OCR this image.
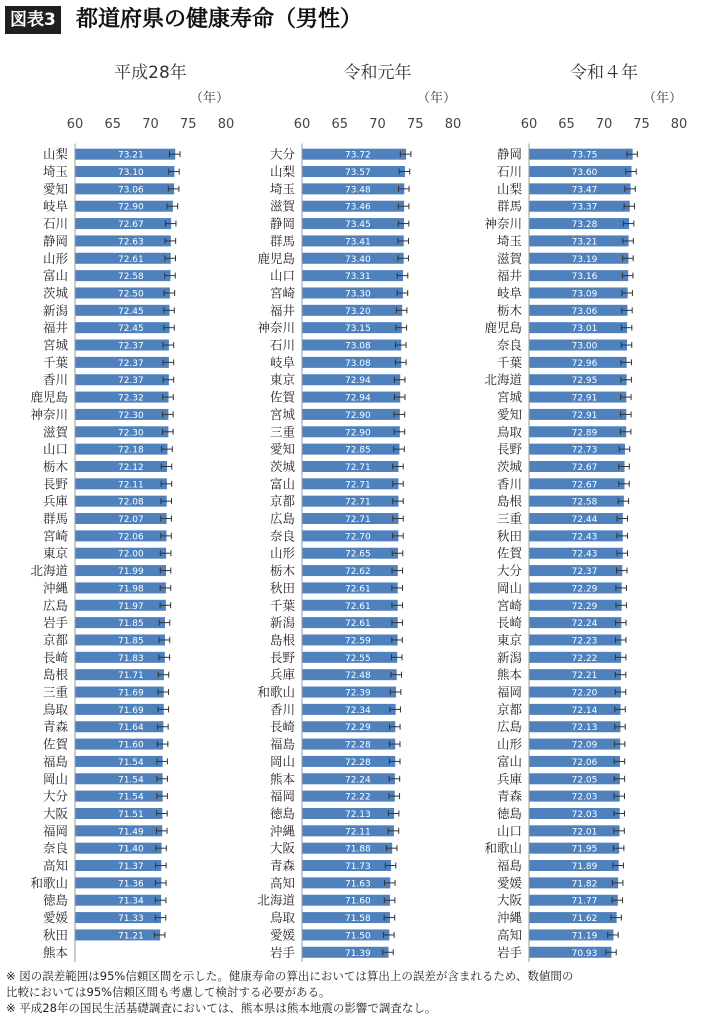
図表3 都道府県の健康寿命（男性）
平成28年
（年）
60 65 70 75 80
山梨	73.21
埼玉	73.10
愛知	73.06
岐阜	72.90
石川	72.67
静岡	72.63
山形	72.61
富山	72.58
茨城	72.50
新潟	72.45
福井	72.45
宮城	72.37
千葉	72.37
香川	72.37
鹿児島	72.32
神奈川	72.30
滋賀	72.30
山口	72.18
栃木	72.12
長野	72.11
兵庫	72.08
群馬	72.07
宮崎	72.06
東京	72.00
北海道	71.99
沖縄	71.98
広島	71.97
岩手	71.85
京都	71.85
長崎	71.83
島根	71.71
三重	71.69
鳥取	71.69
青森	71.64
佐賀	71.60
福島	71.54
岡山	71.54
大分	71.54
大阪	71.51
福岡	71.49
奈良	71.40
高知	71.37
和歌山	71.36
徳島	71.34
愛媛	71.33
秋田	71.21
熊本
令和元年
（年）
60 65 70 75 80
大分	73.72
山梨	73.57
埼玉	73.48
滋賀	73.46
静岡	73.45
群馬	73.41
鹿児島	73.40
山口	73.31
宮崎	73.30
福井	73.20
神奈川	73.15
石川	73.08
岐阜	73.08
東京	72.94
佐賀	72.94
宮城	72.90
三重	72.90
愛知	72.85
茨城	72.71
富山	72.71
京都	72.71
広島	72.71
奈良	72.70
山形	72.65
栃木	72.62
秋田	72.61
千葉	72.61
新潟	72.61
島根	72.59
長野	72.55
兵庫	72.48
和歌山	72.39
香川	72.34
長崎	72.29
福島	72.28
岡山	72.28
熊本	72.24
福岡	72.22
徳島	72.13
沖縄	72.11
大阪	71.88
青森	71.73
高知	71.63
北海道	71.60
鳥取	71.58
愛媛	71.50
岩手	71.39
令和４年
（年）
60 65 70 75 80
静岡	73.75
石川	73.60
山梨	73.47
群馬	73.37
神奈川	73.28
埼玉	73.21
滋賀	73.19
福井	73.16
岐阜	73.09
栃木	73.06
鹿児島	73.01
奈良	73.00
千葉	72.96
北海道	72.95
宮城	72.91
愛知	72.91
鳥取	72.89
長野	72.73
茨城	72.67
香川	72.67
島根	72.58
三重	72.44
秋田	72.43
佐賀	72.43
大分	72.37
岡山	72.29
宮崎	72.29
長崎	72.24
東京	72.23
新潟	72.22
熊本	72.21
福岡	72.20
京都	72.14
広島	72.13
山形	72.09
富山	72.06
兵庫	72.05
青森	72.03
徳島	72.03
山口	72.01
和歌山	71.95
福島	71.89
愛媛	71.82
大阪	71.77
沖縄	71.62
高知	71.19
岩手	70.93
※ 図の誤差範囲は95%信頼区間を示した。健康寿命の算出においては算出上の誤差が含まれるため、数値間の
比較においては95%信頼区間も考慮して検討する必要がある。
※ 平成28年の国民生活基礎調査においては、熊本県は熊本地震の影響で調査なし。
